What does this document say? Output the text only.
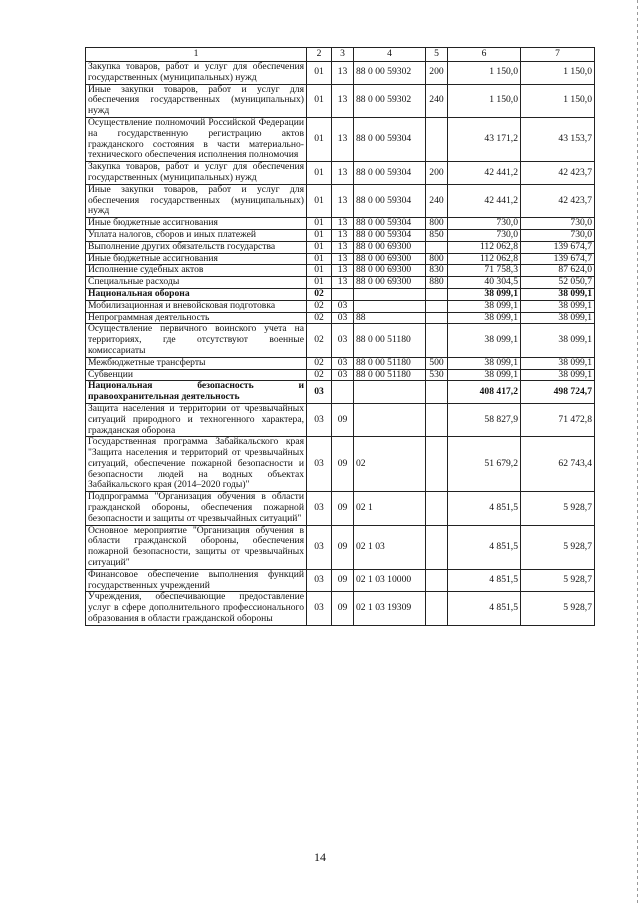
1	2	3	4	5	6	7
Закупка товаров, работ и услуг для обеспечения государственных (муниципальных) нужд	01	13	88 0 00 59302	200	1 150,0	1 150,0
Иные закупки товаров, работ и услуг для обеспечения государственных (муниципальных) нужд	01	13	88 0 00 59302	240	1 150,0	1 150,0
Осуществление полномочий Российской Федерации на государственную регистрацию актов гражданского состояния в части материально-технического обеспечения исполнения полномочия	01	13	88 0 00 59304		43 171,2	43 153,7
Закупка товаров, работ и услуг для обеспечения государственных (муниципальных) нужд	01	13	88 0 00 59304	200	42 441,2	42 423,7
Иные закупки товаров, работ и услуг для обеспечения государственных (муниципальных) нужд	01	13	88 0 00 59304	240	42 441,2	42 423,7
Иные бюджетные ассигнования	01	13	88 0 00 59304	800	730,0	730,0
Уплата налогов, сборов и иных платежей	01	13	88 0 00 59304	850	730,0	730,0
Выполнение других обязательств государства	01	13	88 0 00 69300		112 062,8	139 674,7
Иные бюджетные ассигнования	01	13	88 0 00 69300	800	112 062,8	139 674,7
Исполнение судебных актов	01	13	88 0 00 69300	830	71 758,3	87 624,0
Специальные расходы	01	13	88 0 00 69300	880	40 304,5	52 050,7
Национальная оборона	02				38 099,1	38 099,1
Мобилизационная и вневойсковая подготовка	02	03			38 099,1	38 099,1
Непрограммная деятельность	02	03	88		38 099,1	38 099,1
Осуществление первичного воинского учета на территориях, где отсутствуют военные комиссариаты	02	03	88 0 00 51180		38 099,1	38 099,1
Межбюджетные трансферты	02	03	88 0 00 51180	500	38 099,1	38 099,1
Субвенции	02	03	88 0 00 51180	530	38 099,1	38 099,1
Национальная безопасность и правоохранительная деятельность	03				408 417,2	498 724,7
Защита населения и территории от чрезвычайных ситуаций природного и техногенного характера, гражданская оборона	03	09			58 827,9	71 472,8
Государственная программа Забайкальского края "Защита населения и территорий от чрезвычайных ситуаций, обеспечение пожарной безопасности и безопасности людей на водных объектах Забайкальского края (2014–2020 годы)"	03	09	02		51 679,2	62 743,4
Подпрограмма "Организация обучения в области гражданской обороны, обеспечения пожарной безопасности и защиты от чрезвычайных ситуаций"	03	09	02 1		4 851,5	5 928,7
Основное мероприятие "Организация обучения в области гражданской обороны, обеспечения пожарной безопасности, защиты от чрезвычайных ситуаций"	03	09	02 1 03		4 851,5	5 928,7
Финансовое обеспечение выполнения функций государственных учреждений	03	09	02 1 03 10000		4 851,5	5 928,7
Учреждения, обеспечивающие предоставление услуг в сфере дополнительного профессионального образования в области гражданской обороны	03	09	02 1 03 19309		4 851,5	5 928,7
14
